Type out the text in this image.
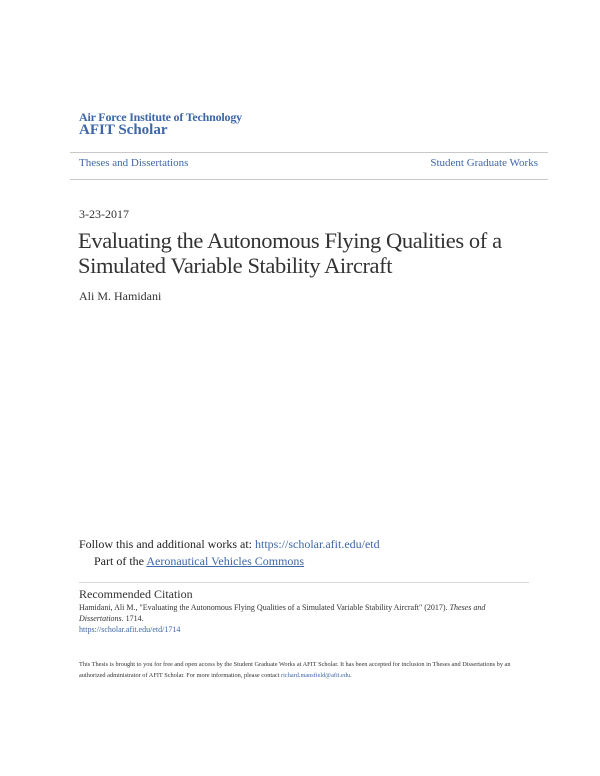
Air Force Institute of Technology
AFIT Scholar
Theses and Dissertations	Student Graduate Works
3-23-2017
Evaluating the Autonomous Flying Qualities of a Simulated Variable Stability Aircraft
Ali M. Hamidani
Follow this and additional works at: https://scholar.afit.edu/etd
Part of the Aeronautical Vehicles Commons
Recommended Citation
Hamidani, Ali M., "Evaluating the Autonomous Flying Qualities of a Simulated Variable Stability Aircraft" (2017). Theses and Dissertations. 1714.
https://scholar.afit.edu/etd/1714
This Thesis is brought to you for free and open access by the Student Graduate Works at AFIT Scholar. It has been accepted for inclusion in Theses and Dissertations by an authorized administrator of AFIT Scholar. For more information, please contact richard.mansfield@afit.edu.
